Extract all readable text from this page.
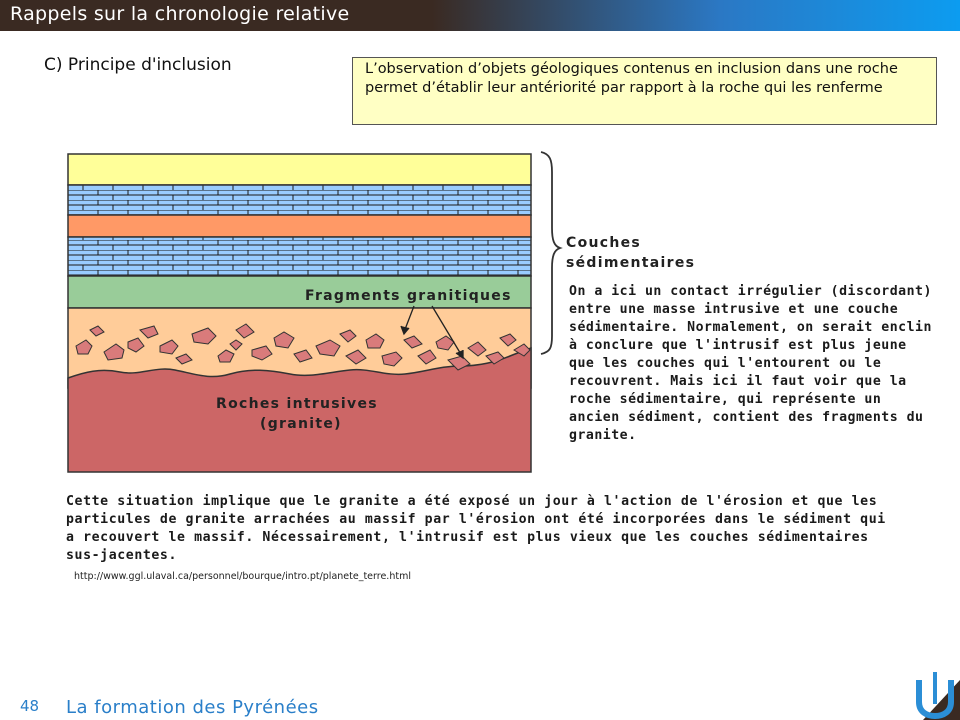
Rappels sur la chronologie relative
C) Principe d'inclusion	L’observation d’objets géologiques contenus en inclusion dans une roche permet d’établir leur antériorité par rapport à la roche qui les renferme
Couches
sédimentaires
Fragments granitiques
Roches intrusives
(granite)
On a ici un contact irrégulier (discordant) entre une masse intrusive et une couche sédimentaire. Normalement, on serait enclin à conclure que l'intrusif est plus jeune que les couches qui l'entourent ou le recouvrent. Mais ici il faut voir que la roche sédimentaire, qui représente un ancien sédiment, contient des fragments du granite.
Cette situation implique que le granite a été exposé un jour à l'action de l'érosion et que les particules de granite arrachées au massif par l'érosion ont été incorporées dans le sédiment qui a recouvert le massif. Nécessairement, l'intrusif est plus vieux que les couches sédimentaires sus-jacentes.
http://www.ggl.ulaval.ca/personnel/bourque/intro.pt/planete_terre.html
48 La formation des Pyrénées
